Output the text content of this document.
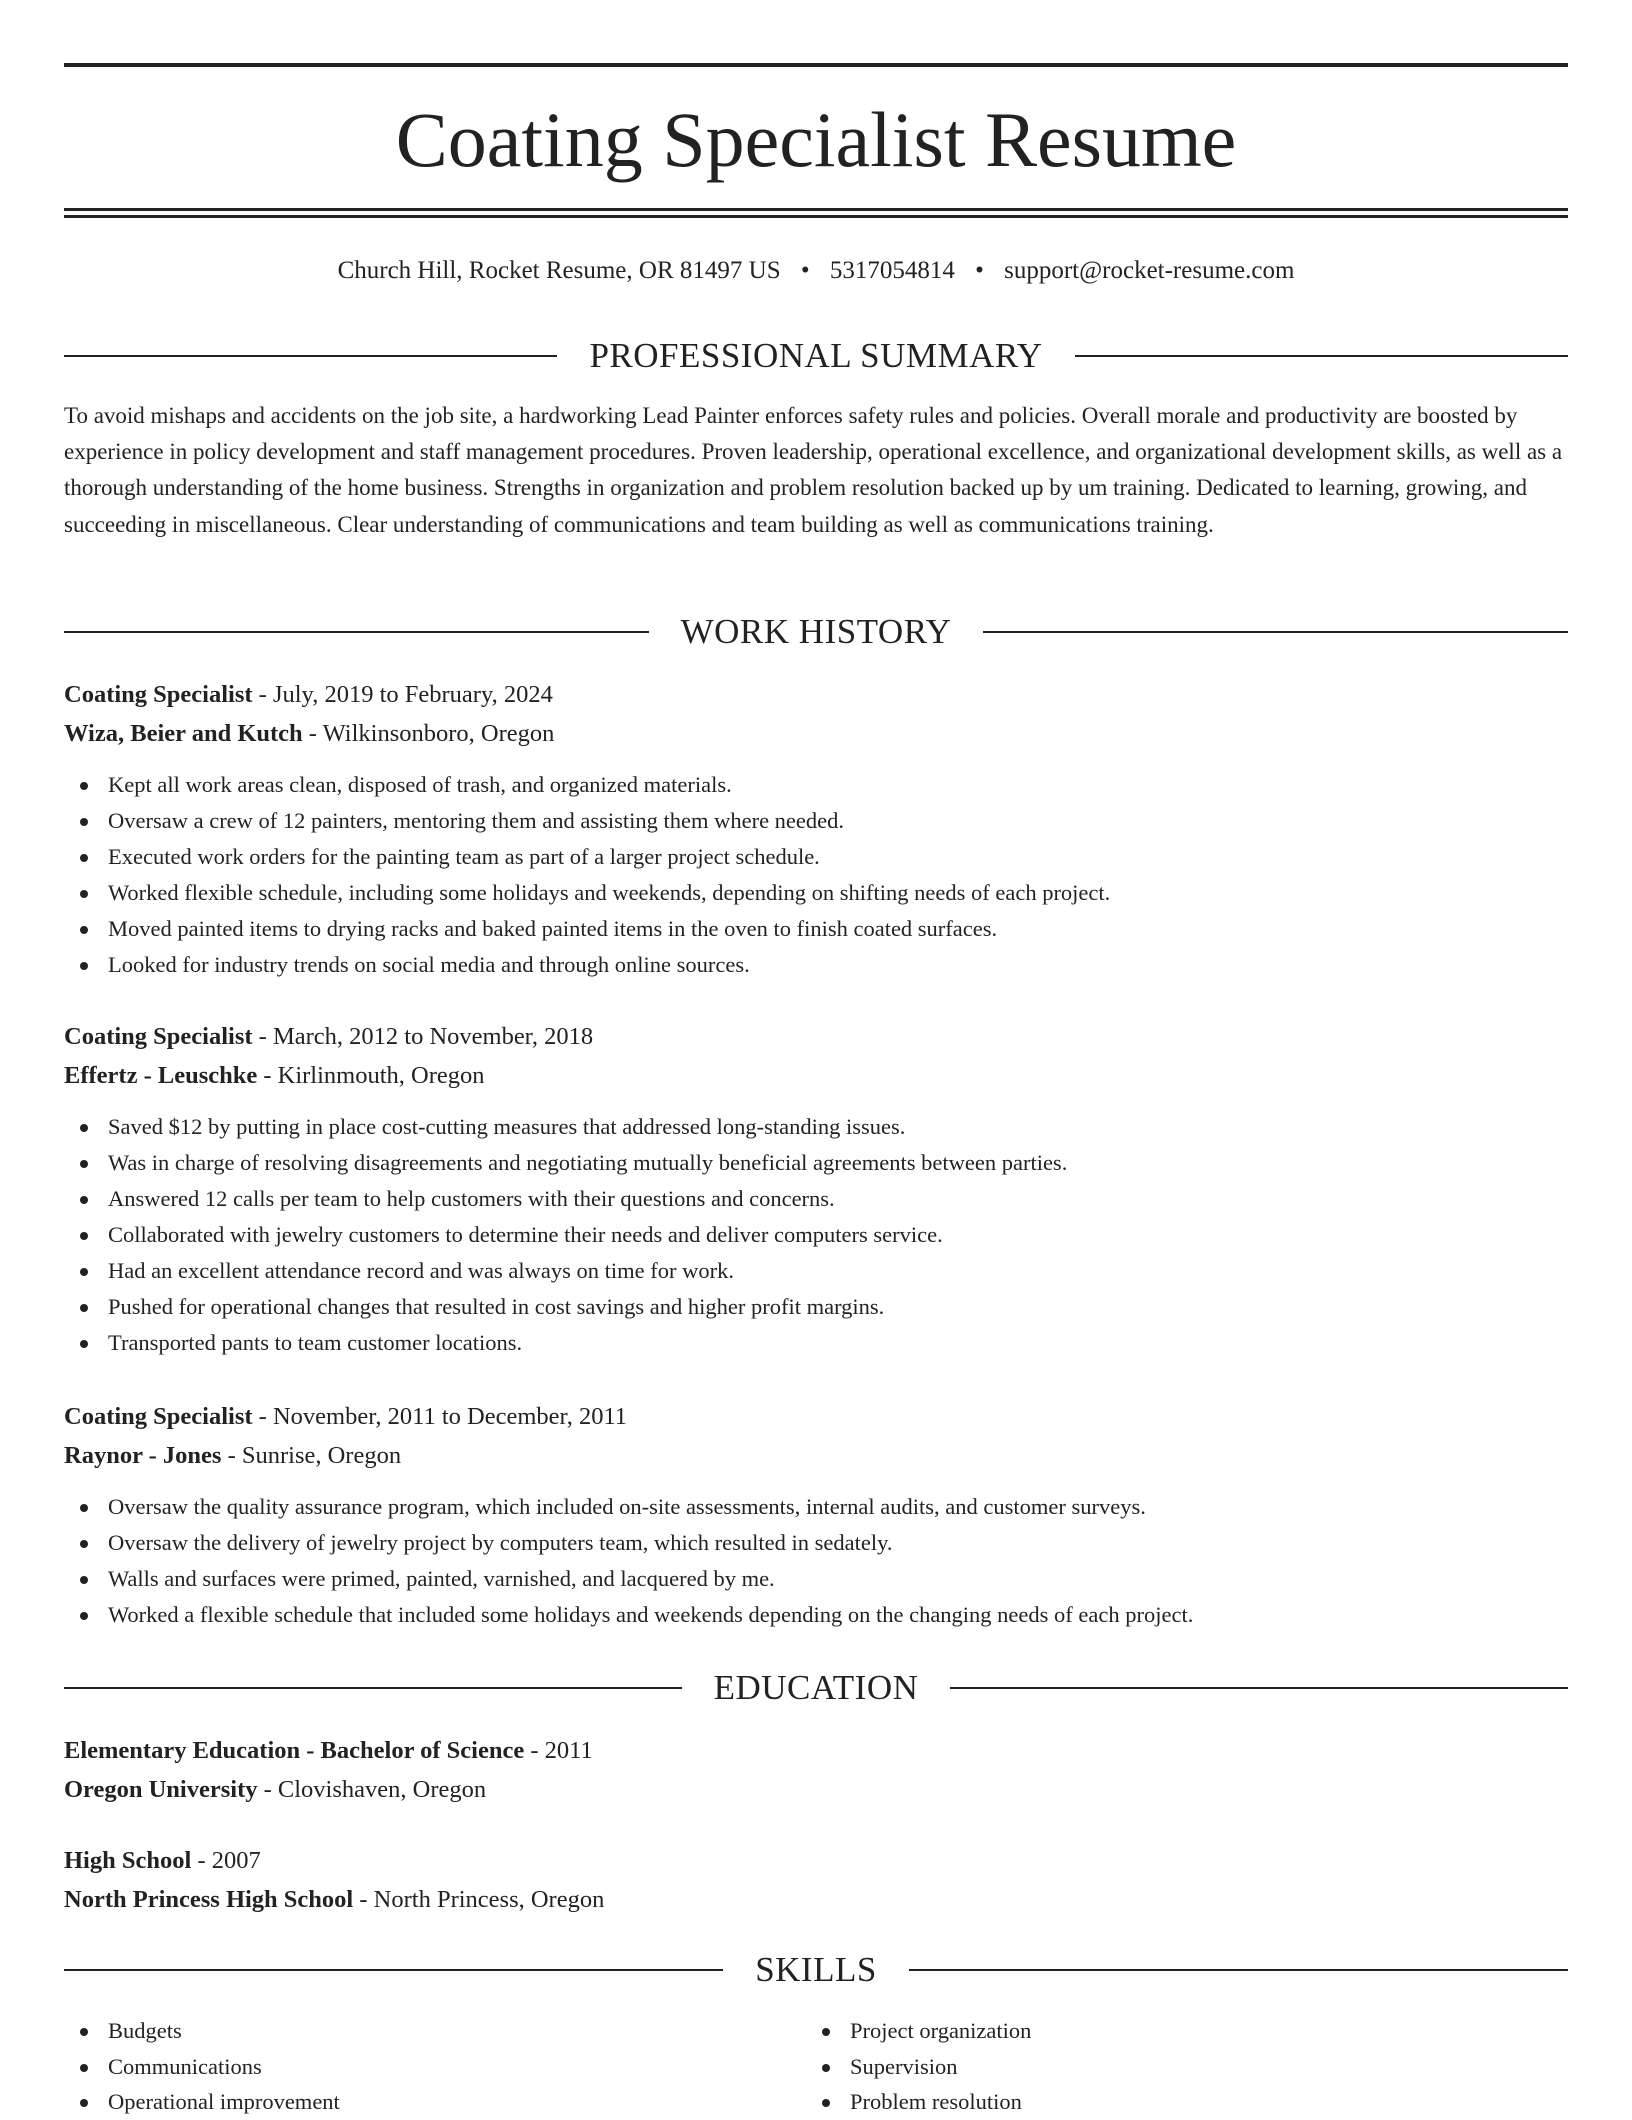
Coating Specialist Resume
Church Hill, Rocket Resume, OR 81497 US • 5317054814 • support@rocket-resume.com
PROFESSIONAL SUMMARY

To avoid mishaps and accidents on the job site, a hardworking Lead Painter enforces safety rules and policies. Overall morale and productivity are boosted by experience in policy development and staff management procedures. Proven leadership, operational excellence, and organizational development skills, as well as a thorough understanding of the home business. Strengths in organization and problem resolution backed up by um training. Dedicated to learning, growing, and succeeding in miscellaneous. Clear understanding of communications and team building as well as communications training.

WORK HISTORY
Coating Specialist - July, 2019 to February, 2024
Wiza, Beier and Kutch - Wilkinsonboro, Oregon
Kept all work areas clean, disposed of trash, and organized materials.
Oversaw a crew of 12 painters, mentoring them and assisting them where needed.
Executed work orders for the painting team as part of a larger project schedule.
Worked flexible schedule, including some holidays and weekends, depending on shifting needs of each project.
Moved painted items to drying racks and baked painted items in the oven to finish coated surfaces.
Looked for industry trends on social media and through online sources.
Coating Specialist - March, 2012 to November, 2018
Effertz - Leuschke - Kirlinmouth, Oregon
Saved $12 by putting in place cost-cutting measures that addressed long-standing issues.
Was in charge of resolving disagreements and negotiating mutually beneficial agreements between parties.
Answered 12 calls per team to help customers with their questions and concerns.
Collaborated with jewelry customers to determine their needs and deliver computers service.
Had an excellent attendance record and was always on time for work.
Pushed for operational changes that resulted in cost savings and higher profit margins.
Transported pants to team customer locations.
Coating Specialist - November, 2011 to December, 2011
Raynor - Jones - Sunrise, Oregon
Oversaw the quality assurance program, which included on-site assessments, internal audits, and customer surveys.
Oversaw the delivery of jewelry project by computers team, which resulted in sedately.
Walls and surfaces were primed, painted, varnished, and lacquered by me.
Worked a flexible schedule that included some holidays and weekends depending on the changing needs of each project.
EDUCATION
Elementary Education - Bachelor of Science - 2011
Oregon University - Clovishaven, Oregon
High School - 2007
North Princess High School - North Princess, Oregon
SKILLS
Budgets
Communications
Operational improvement
Project organization
Supervision
Problem resolution
